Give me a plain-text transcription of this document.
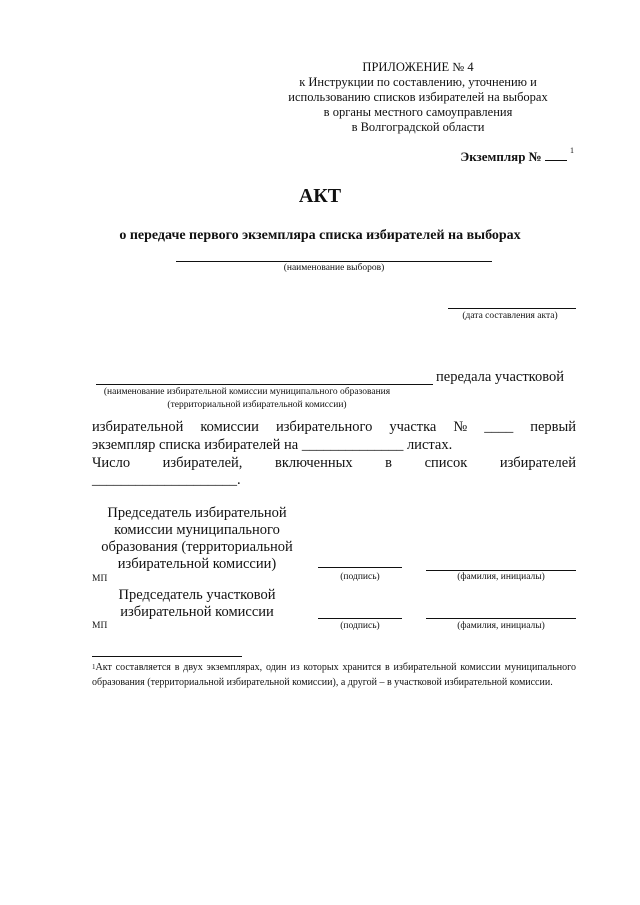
ПРИЛОЖЕНИЕ № 4
к Инструкции по составлению, уточнению и
использованию списков избирателей на выборах
в органы местного самоуправления
в Волгоградской области
Экземпляр №	$^1$
АКТ
о передаче первого экземпляра списка избирателей на выборах
(наименование выборов)
(дата составления акта)
передала участковой
(наименование избирательной комиссии муниципального образования
(территориальной избирательной комиссии)
избирательной комиссии избирательного участка № ____ первый
экземпляр списка избирателей на ______________ листах.
Число избирателей, включенных в список избирателей
____________________.
Председатель избирательной
комиссии муниципального
образования (территориальной
избирательной комиссии)
МП	(подпись)	(фамилия, инициалы)
Председатель участковой
избирательной комиссии
МП	(подпись)	(фамилия, инициалы)
$^1$Акт составляется в двух экземплярах, один из которых хранится в избирательной комиссии муниципального образования (территориальной избирательной комиссии), а другой – в участковой избирательной комиссии.
